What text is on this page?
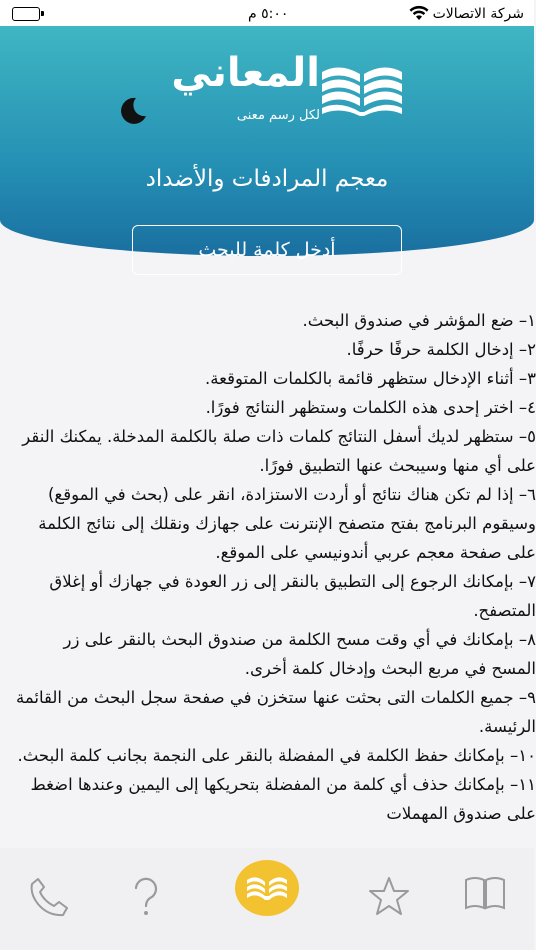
شركة الاتصالات
٥:٠٠ م
المعاني
لكل رسم معنى
معجم المرادفات والأضداد
أدخل كلمة للبحث

١– ضع المؤشر في صندوق البحث.

٢– إدخال الكلمة حرفًا حرفًا.

٣– أثناء الإدخال ستظهر قائمة بالكلمات المتوقعة.

٤– اختر إحدى هذه الكلمات وستظهر النتائج فورًا.

٥– ستظهر لديك أسفل النتائج كلمات ذات صلة بالكلمة المدخلة. يمكنك النقر على أي منها وسيبحث عنها التطبيق فورًا.

٦– إذا لم تكن هناك نتائج أو أردت الاستزادة، انقر على (بحث في الموقع) وسيقوم البرنامج بفتح متصفح الإنترنت على جهازك ونقلك إلى نتائج الكلمة على صفحة معجم عربي أندونيسي على الموقع.

٧– بإمكانك الرجوع إلى التطبيق بالنقر إلى زر العودة في جهازك أو إغلاق المتصفح.

٨– بإمكانك في أي وقت مسح الكلمة من صندوق البحث بالنقر على زر المسح في مربع البحث وإدخال كلمة أخرى.

٩– جميع الكلمات التى بحثت عنها ستخزن في صفحة سجل البحث من القائمة الرئيسة.

١٠– بإمكانك حفظ الكلمة في المفضلة بالنقر على النجمة بجانب كلمة البحث.

١١– بإمكانك حذف أي كلمة من المفضلة بتحريكها إلى اليمين وعندها اضغط على صندوق المهملات
